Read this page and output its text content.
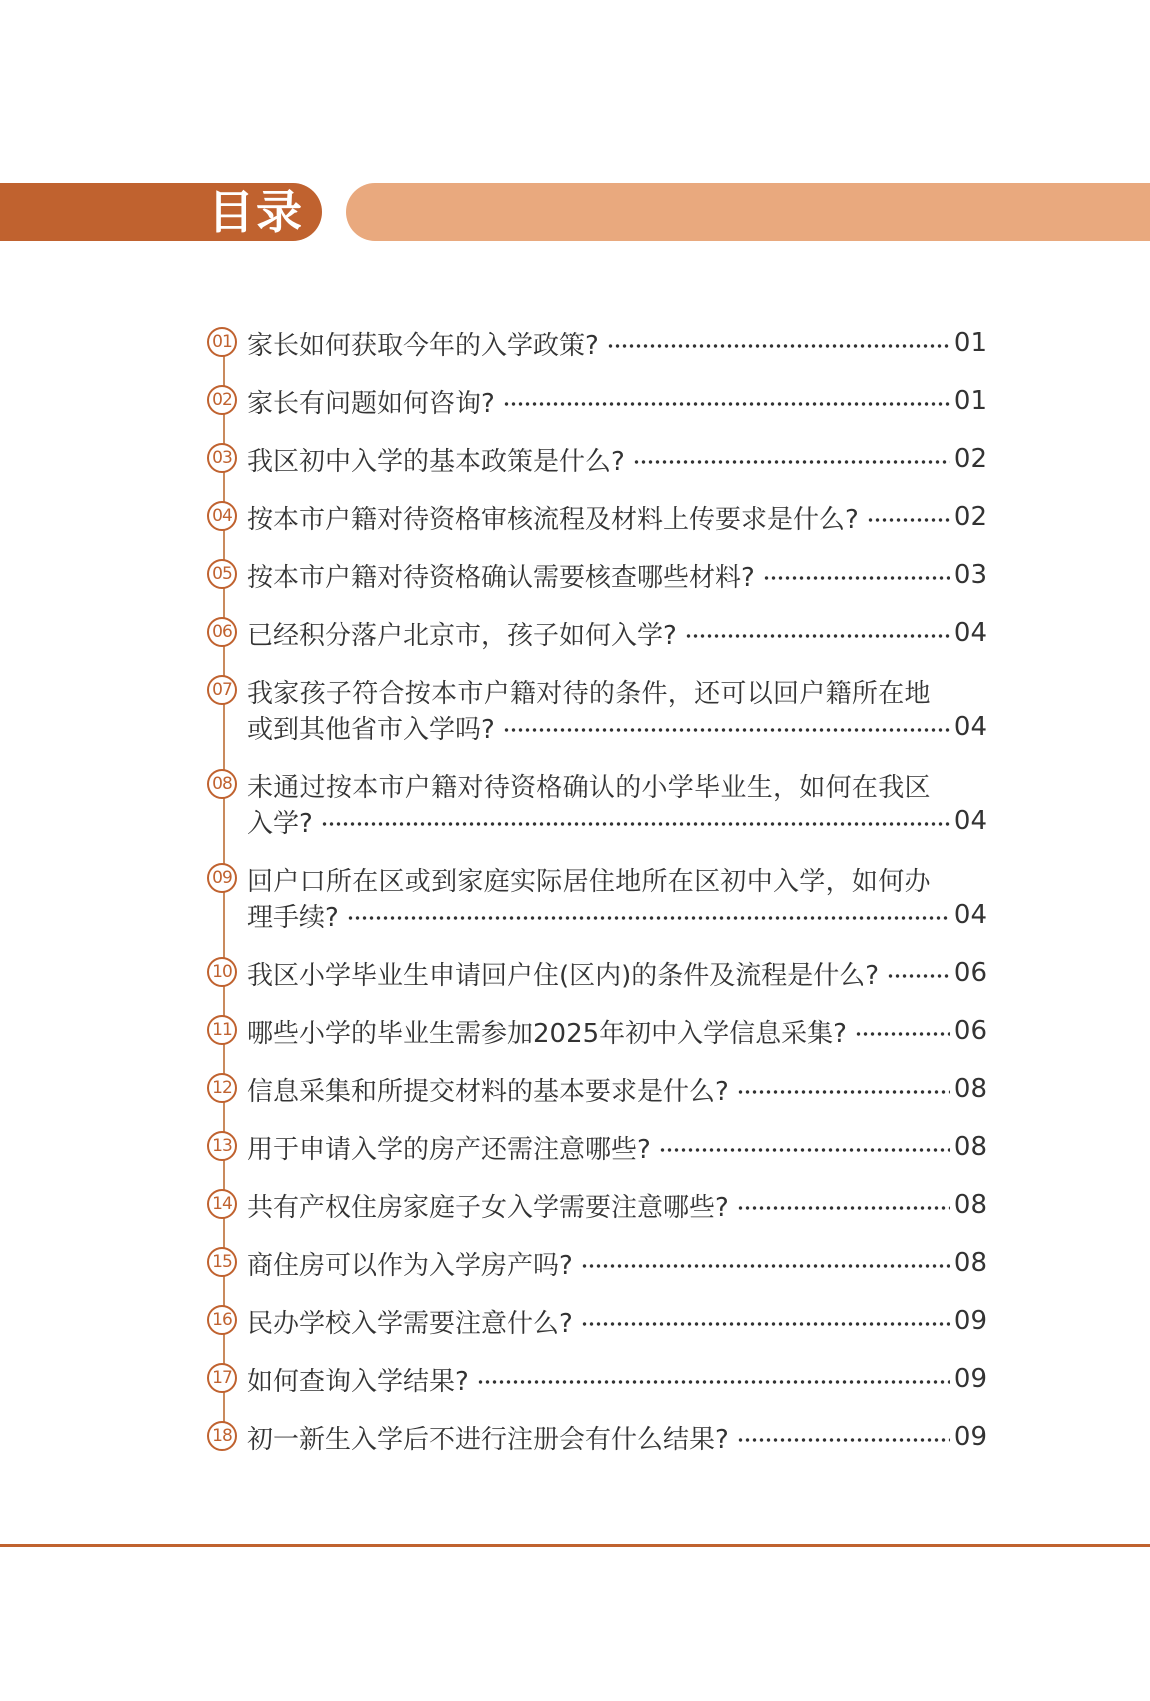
目录
01 家长如何获取今年的入学政策?	01
02 家长有问题如何咨询?	01
03 我区初中入学的基本政策是什么?	02
04 按本市户籍对待资格审核流程及材料上传要求是什么?	02
05 按本市户籍对待资格确认需要核查哪些材料?	03
06 已经积分落户北京市，孩子如何入学?	04
07 我家孩子符合按本市户籍对待的条件，还可以回户籍所在地
或到其他省市入学吗?	04
08 未通过按本市户籍对待资格确认的小学毕业生，如何在我区
入学?	04
09 回户口所在区或到家庭实际居住地所在区初中入学，如何办
理手续?	04
10 我区小学毕业生申请回户住(区内)的条件及流程是什么?	06
11 哪些小学的毕业生需参加2025年初中入学信息采集?	06
12 信息采集和所提交材料的基本要求是什么?	08
13 用于申请入学的房产还需注意哪些?	08
14 共有产权住房家庭子女入学需要注意哪些?	08
15 商住房可以作为入学房产吗?	08
16 民办学校入学需要注意什么?	09
17 如何查询入学结果?	09
18 初一新生入学后不进行注册会有什么结果?	09
